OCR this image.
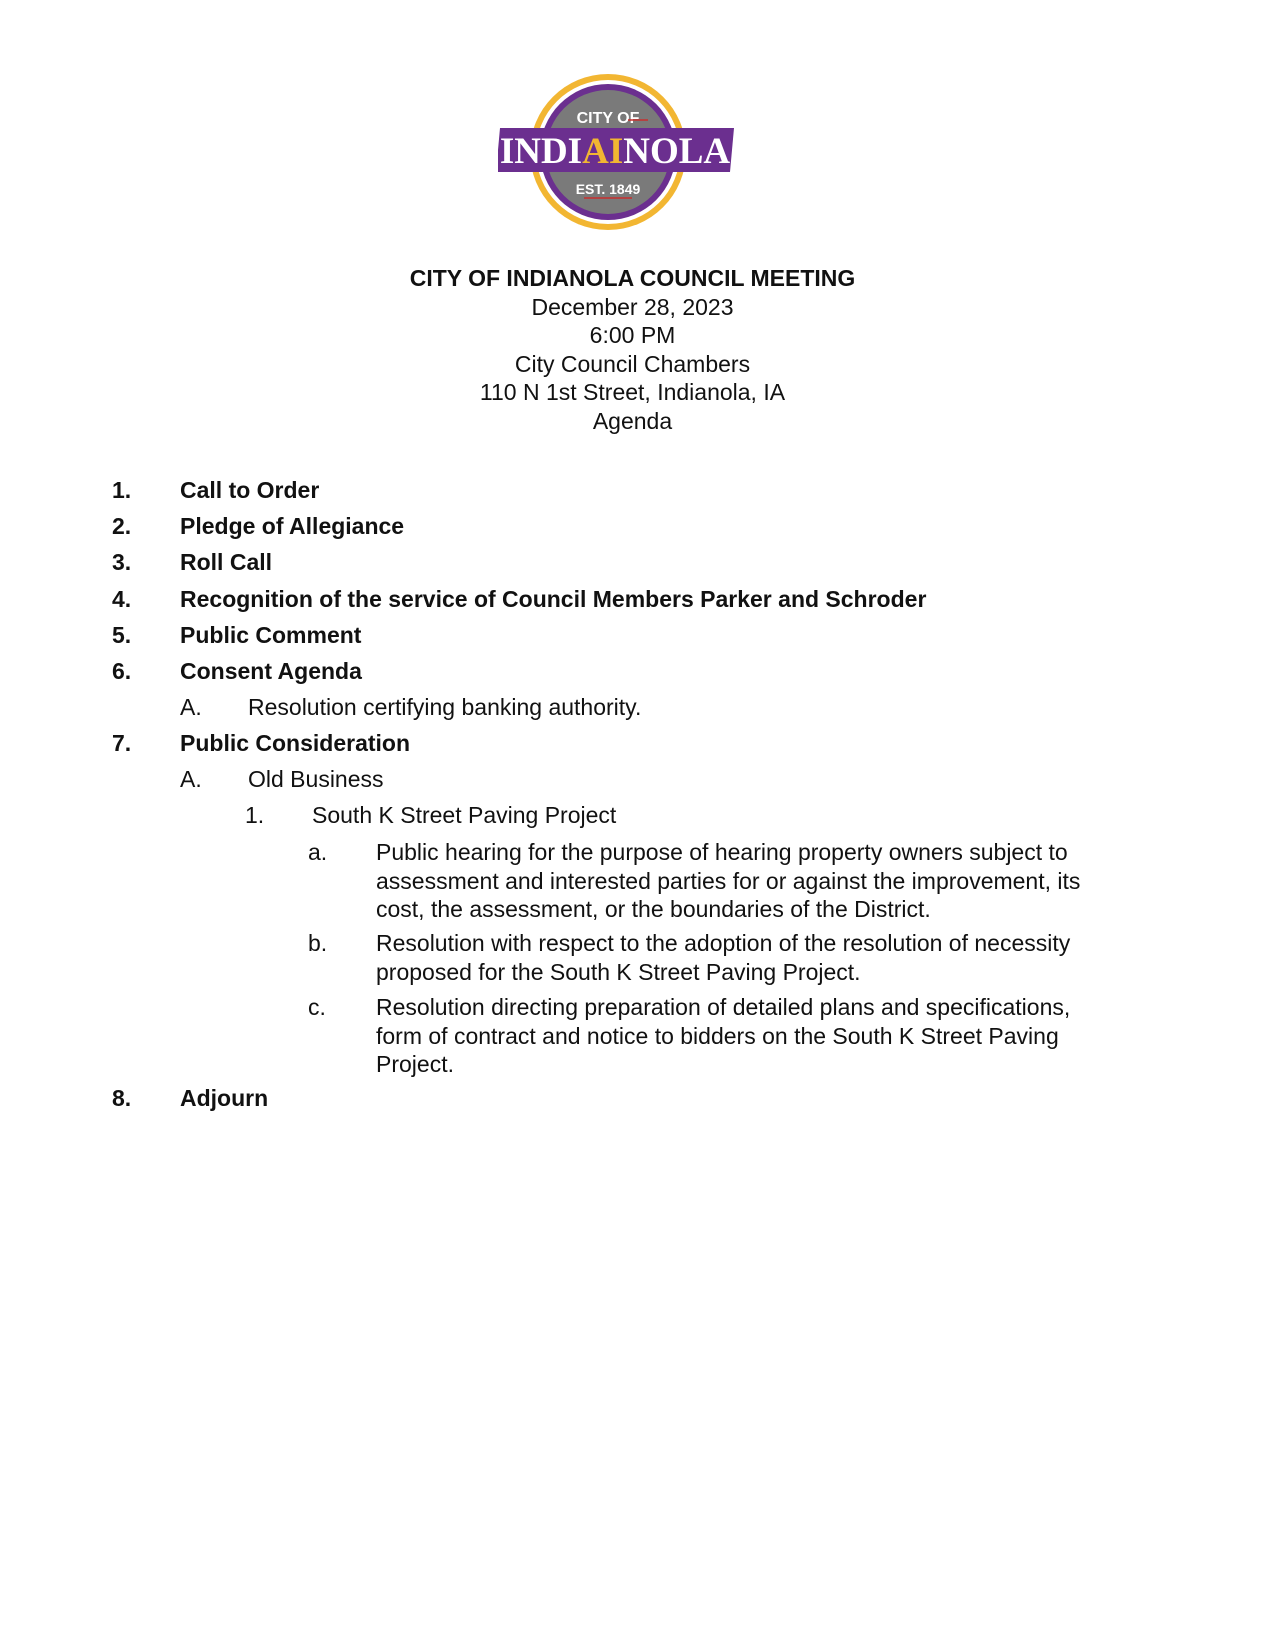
CITY OF
INDIAINOLA
EST. 1849
CITY OF INDIANOLA COUNCIL MEETING
December 28, 2023
6:00 PM
City Council Chambers
110 N 1st Street, Indianola, IA
Agenda
1. Call to Order
2. Pledge of Allegiance
3. Roll Call
4. Recognition of the service of Council Members Parker and Schroder
5. Public Comment
6. Consent Agenda
A. Resolution certifying banking authority.
7. Public Consideration
A. Old Business
1. South K Street Paving Project
a. Public hearing for the purpose of hearing property owners subject to assessment and interested parties for or against the improvement, its cost, the assessment, or the boundaries of the District.
b. Resolution with respect to the adoption of the resolution of necessity proposed for the South K Street Paving Project.
c. Resolution directing preparation of detailed plans and specifications, form of contract and notice to bidders on the South K Street Paving Project.
8. Adjourn
